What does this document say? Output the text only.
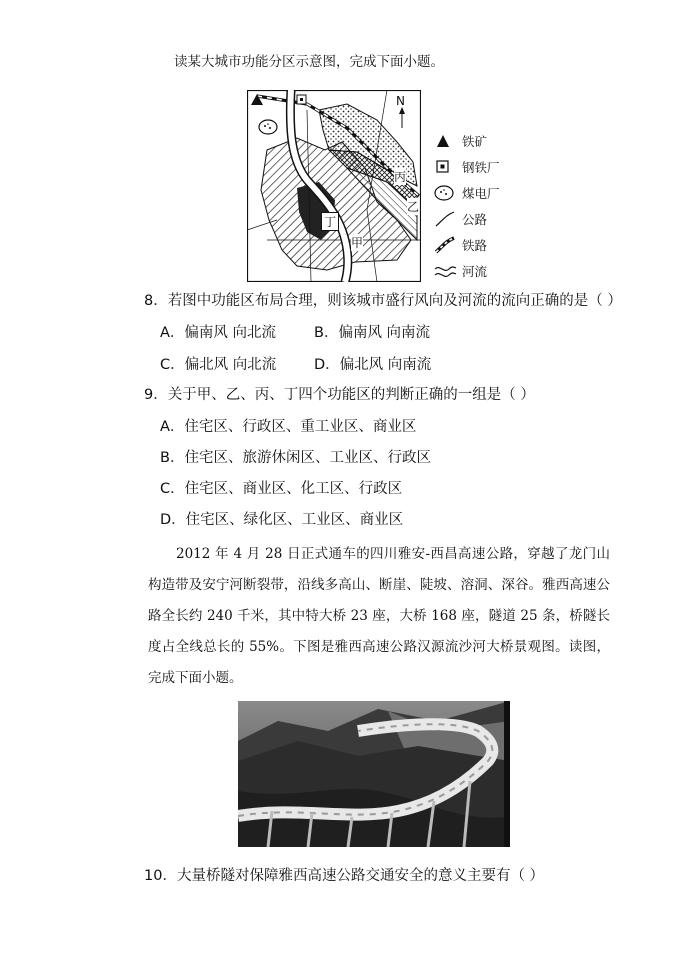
读某大城市功能分区示意图，完成下面小题。
N
丙
乙
丁
甲
铁矿
钢铁厂
煤电厂
公路
铁路
河流
8．若图中功能区布局合理，则该城市盛行风向及河流的流向正确的是（ ）
A．偏南风 向北流	B．偏南风 向南流
C．偏北风 向北流	D．偏北风 向南流
9．关于甲、乙、丙、丁四个功能区的判断正确的一组是（ ）
A．住宅区、行政区、重工业区、商业区
B．住宅区、旅游休闲区、工业区、行政区
C．住宅区、商业区、化工区、行政区
D．住宅区、绿化区、工业区、商业区
2012 年 4 月 28 日正式通车的四川雅安-西昌高速公路，穿越了龙门山构造带及安宁河断裂带，沿线多高山、断崖、陡坡、溶洞、深谷。雅西高速公路全长约 240 千米，其中特大桥 23 座，大桥 168 座，隧道 25 条，桥隧长度占全线总长的 55%。下图是雅西高速公路汉源流沙河大桥景观图。读图，完成下面小题。
10．大量桥隧对保障雅西高速公路交通安全的意义主要有（ ）
